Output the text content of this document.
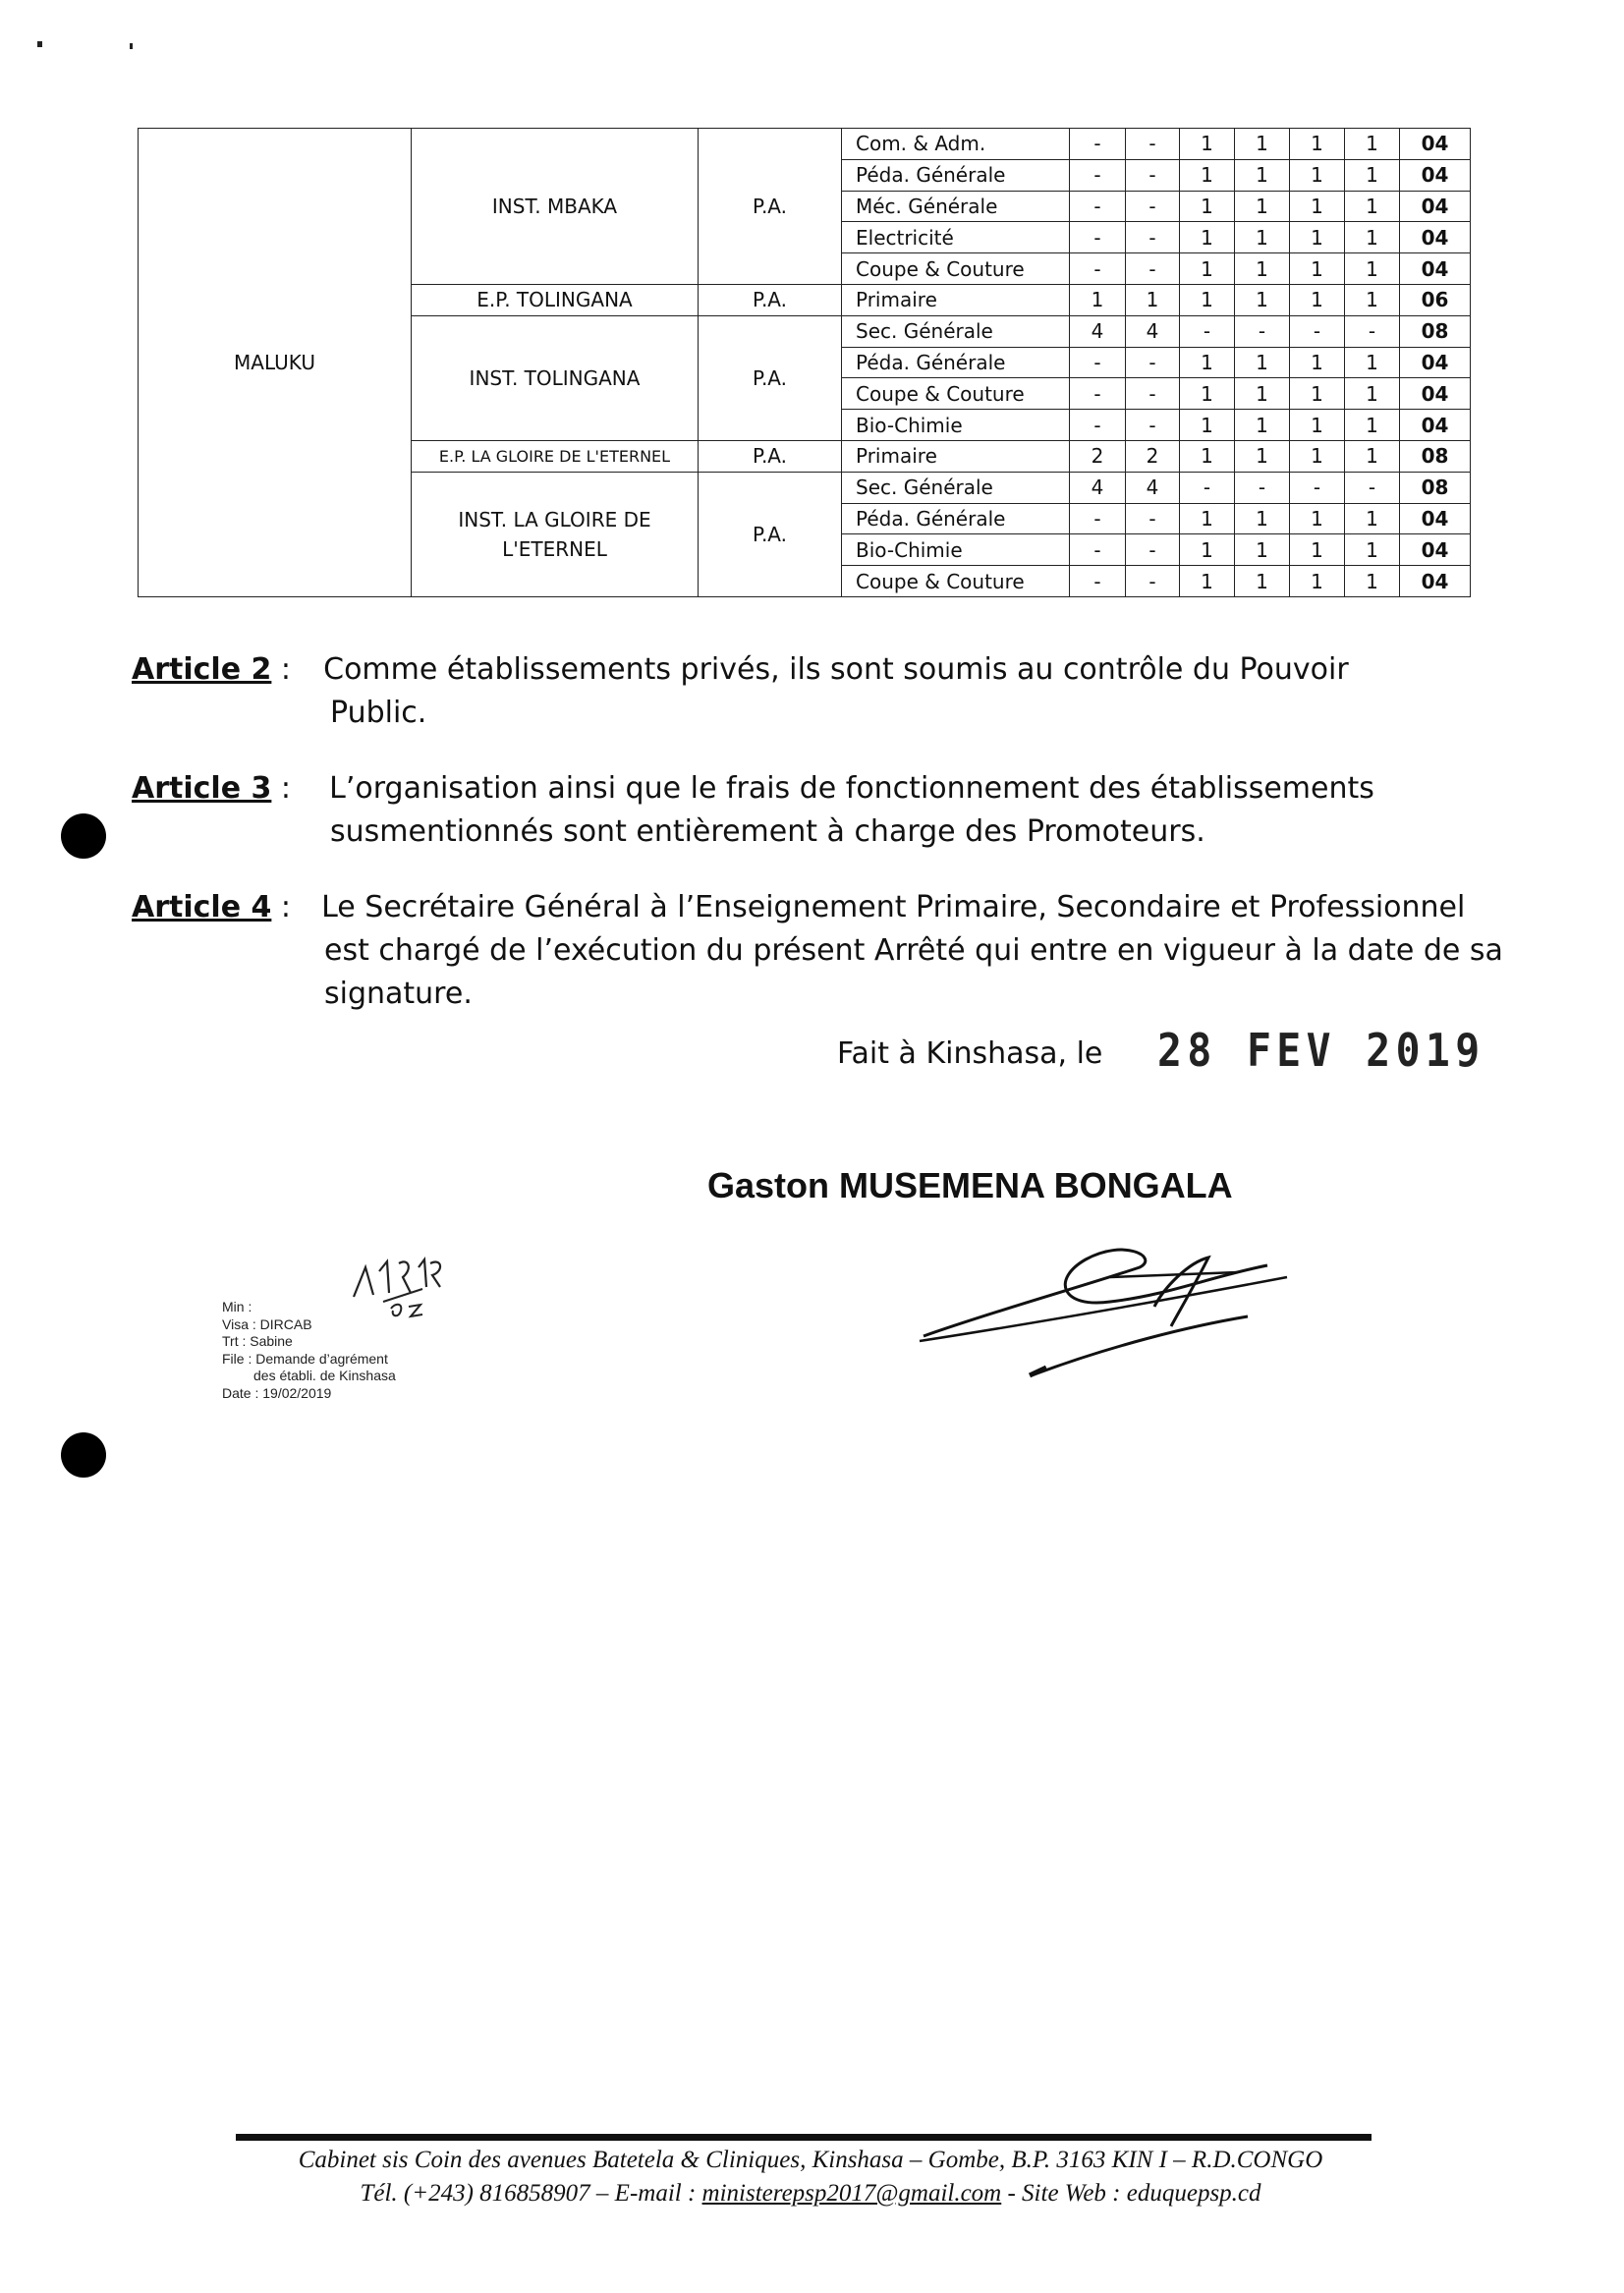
MALUKU	INST. MBAKA	P.A.	Com. & Adm.	-	-	1	1	1	1	04
			Péda. Générale	-	-	1	1	1	1	04
			Méc. Générale	-	-	1	1	1	1	04
			Electricité	-	-	1	1	1	1	04
			Coupe & Couture	-	-	1	1	1	1	04
	E.P. TOLINGANA	P.A.	Primaire	1	1	1	1	1	1	06
	INST. TOLINGANA	P.A.	Sec. Générale	4	4	-	-	-	-	08
			Péda. Générale	-	-	1	1	1	1	04
			Coupe & Couture	-	-	1	1	1	1	04
			Bio-Chimie	-	-	1	1	1	1	04
	E.P. LA GLOIRE DE L'ETERNEL	P.A.	Primaire	2	2	1	1	1	1	08
	INST. LA GLOIRE DE L'ETERNEL	P.A.	Sec. Générale	4	4	-	-	-	-	08
			Péda. Générale	-	-	1	1	1	1	04
			Bio-Chimie	-	-	1	1	1	1	04
			Coupe & Couture	-	-	1	1	1	1	04
Article 2 : Comme établissements privés, ils sont soumis au contrôle du Pouvoir
Public.
Article 3 : L’organisation ainsi que le frais de fonctionnement des établissements
susmentionnés sont entièrement à charge des Promoteurs.
Article 4 : Le Secrétaire Général à l’Enseignement Primaire, Secondaire et Professionnel
est chargé de l’exécution du présent Arrêté qui entre en vigueur à la date de sa
signature.
Fait à Kinshasa, le 28 FEV 2019
Gaston MUSEMENA BONGALA
Min :
Visa : DIRCAB
Trt : Sabine
File : Demande d’agrément
des établi. de Kinshasa
Date : 19/02/2019
Cabinet sis Coin des avenues Batetela & Cliniques, Kinshasa – Gombe, B.P. 3163 KIN I – R.D.CONGO
Tél. (+243) 816858907 – E-mail : ministerepsp2017@gmail.com - Site Web : eduquepsp.cd
